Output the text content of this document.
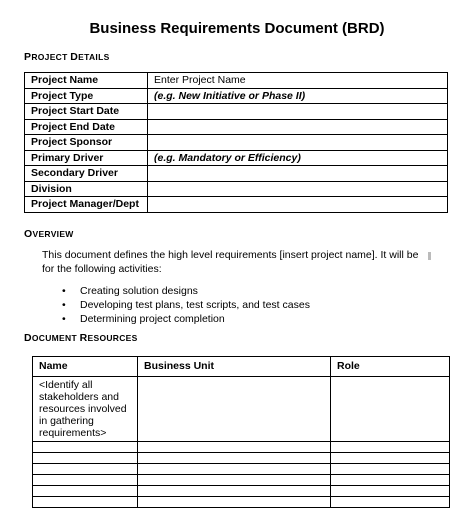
Business Requirements Document (BRD)
PROJECT DETAILS
Project Name	Enter Project Name
Project Type	(e.g. New Initiative or Phase II)
Project Start Date	
Project End Date	
Project Sponsor	
Primary Driver	(e.g. Mandatory or Efficiency)
Secondary Driver	
Division	
Project Manager/Dept	
OVERVIEW
This document defines the high level requirements [insert project name]. It will be
for the following activities:
• Creating solution designs
• Developing test plans, test scripts, and test cases
• Determining project completion
DOCUMENT RESOURCES
Name	Business Unit	Role
<Identify all stakeholders and resources involved in gathering requirements>		
